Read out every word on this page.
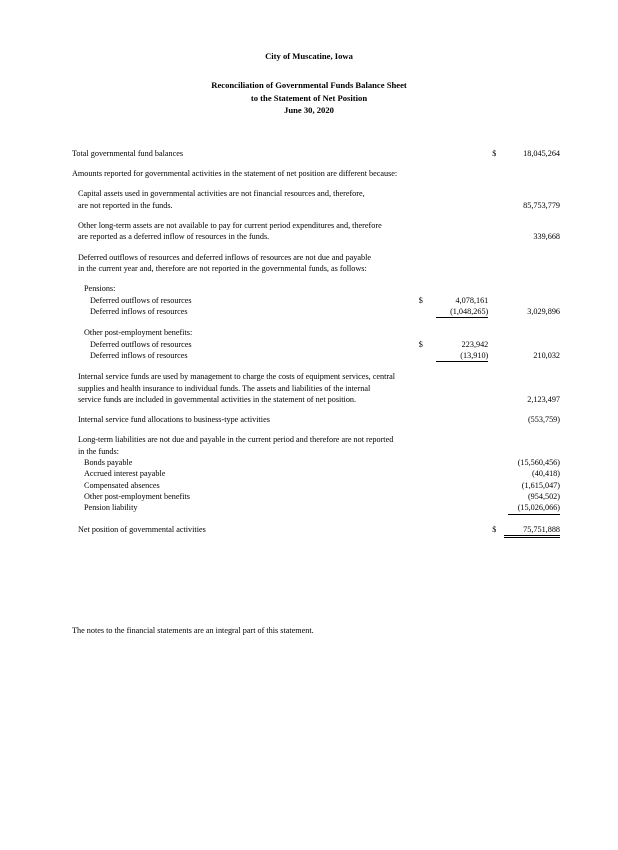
City of Muscatine, Iowa
Reconciliation of Governmental Funds Balance Sheet
to the Statement of Net Position
June 30, 2020

Total governmental fund balances			$	18,045,264

Amounts reported for governmental activities in the statement of net position are different because:				

Capital assets used in governmental activities are not financial resources and, therefore,				
are not reported in the funds.				85,753,779

Other long-term assets are not available to pay for current period expenditures and, therefore				
are reported as a deferred inflow of resources in the funds.				339,668

Deferred outflows of resources and deferred inflows of resources are not due and payable				
in the current year and, therefore are not reported in the governmental funds, as follows:				

Pensions:				
Deferred outflows of resources	$	4,078,161		
Deferred inflows of resources		(1,048,265)		3,029,896

Other post-employment benefits:				
Deferred outflows of resources	$	223,942		
Deferred inflows of resources		(13,910)		210,032

Internal service funds are used by management to charge the costs of equipment services, central				
supplies and health insurance to individual funds. The assets and liabilities of the internal				
service funds are included in governmental activities in the statement of net position.				2,123,497

Internal service fund allocations to business-type activities				(553,759)

Long-term liabilities are not due and payable in the current period and therefore are not reported				
in the funds:				
Bonds payable				(15,560,456)
Accrued interest payable				(40,418)
Compensated absences				(1,615,047)
Other post-employment benefits				(954,502)
Pension liability				(15,026,066)

Net position of governmental activities			$	75,751,888
The notes to the financial statements are an integral part of this statement.
